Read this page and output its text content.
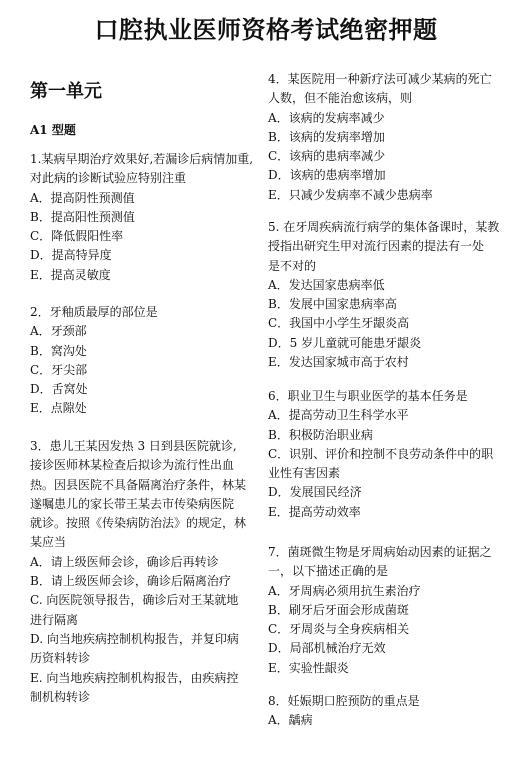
口腔执业医师资格考试绝密押题
第一单元
A1 型题
1.某病早期治疗效果好,若漏诊后病情加重,
对此病的诊断试验应特别注重
A．提高阴性预测值
B．提高阳性预测值
C．降低假阳性率
D．提高特异度
E．提高灵敏度
2．牙釉质最厚的部位是
A．牙颈部
B．窝沟处
C．牙尖部
D．舌窝处
E．点隙处
3．患儿王某因发热 3 日到县医院就诊,
接诊医师林某检查后拟诊为流行性出血
热。因县医院不具备隔离治疗条件，林某
遂嘱患儿的家长带王某去市传染病医院
就诊。按照《传染病防治法》的规定，林
某应当
A．请上级医师会诊，确诊后再转诊
B．请上级医师会诊，确诊后隔离治疗
C. 向医院领导报告，确诊后对王某就地
进行隔离
D. 向当地疾病控制机构报告，并复印病
历资料转诊
E. 向当地疾病控制机构报告，由疾病控
制机构转诊
4．某医院用一种新疗法可减少某病的死亡
人数，但不能治愈该病，则
A．该病的发病率减少
B．该病的发病率增加
C．该病的患病率减少
D．该病的患病率增加
E．只减少发病率不减少患病率
5. 在牙周疾病流行病学的集体备课时，某教
授指出研究生甲对流行因素的提法有一处
是不对的
A．发达国家患病率低
B．发展中国家患病率高
C．我国中小学生牙龈炎高
D．5 岁儿童就可能患牙龈炎
E．发达国家城市高于农村
6．职业卫生与职业医学的基本任务是
A．提高劳动卫生科学水平
B．积极防治职业病
C．识别、评价和控制不良劳动条件中的职
业性有害因素
D．发展国民经济
E．提高劳动效率
7．菌斑微生物是牙周病始动因素的证据之
一，以下描述正确的是
A．牙周病必须用抗生素治疗
B．刷牙后牙面会形成菌斑
C．牙周炎与全身疾病相关
D．局部机械治疗无效
E．实验性龈炎
8．妊娠期口腔预防的重点是
A．龋病
